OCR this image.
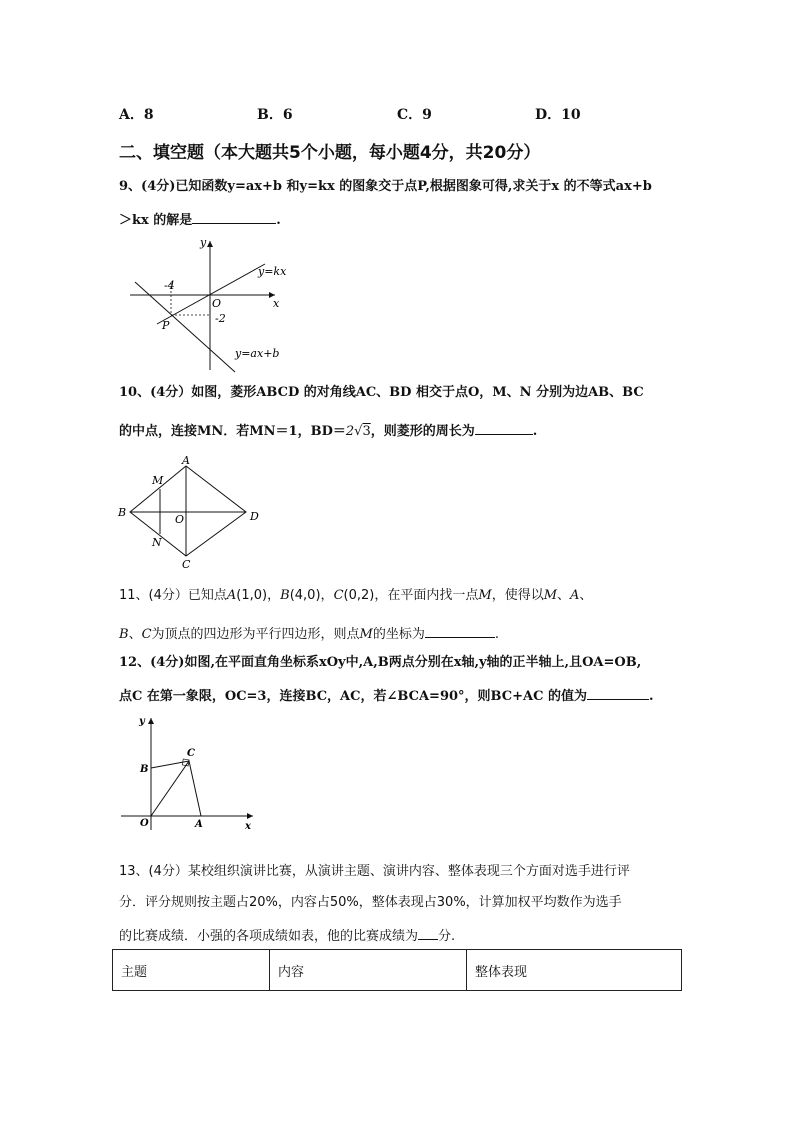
A．8	B．6	C．9	D．10
二、填空题（本大题共5个小题，每小题4分，共20分）
9、(4分)已知函数y=ax+b 和y=kx 的图象交于点P,根据图象可得,求关于x 的不等式ax+b
＞kx 的解是	.
y
x
O
P
-4
-2
y=kx
y=ax+b
10、(4分）如图，菱形ABCD 的对角线AC、BD 相交于点O，M、N 分别为边AB、BC
的中点，连接MN．若MN＝1，BD＝2√3，则菱形的周长为	.
A
B
C
D
M
N
O
11、(4分）已知点A(1,0)，B(4,0)，C(0,2)，在平面内找一点M，使得以M、A、
B、C为顶点的四边形为平行四边形，则点M的坐标为	.
12、(4分)如图,在平面直角坐标系xOy中,A,B两点分别在x轴,y轴的正半轴上,且OA=OB,
点C 在第一象限，OC=3，连接BC，AC，若∠BCA=90°，则BC+AC 的值为	.
y
x
O	A
B
C
13、(4分）某校组织演讲比赛，从演讲主题、演讲内容、整体表现三个方面对选手进行评
分．评分规则按主题占20%，内容占50%，整体表现占30%，计算加权平均数作为选手
的比赛成绩．小强的各项成绩如表，他的比赛成绩为 分.
主题	内容	整体表现
